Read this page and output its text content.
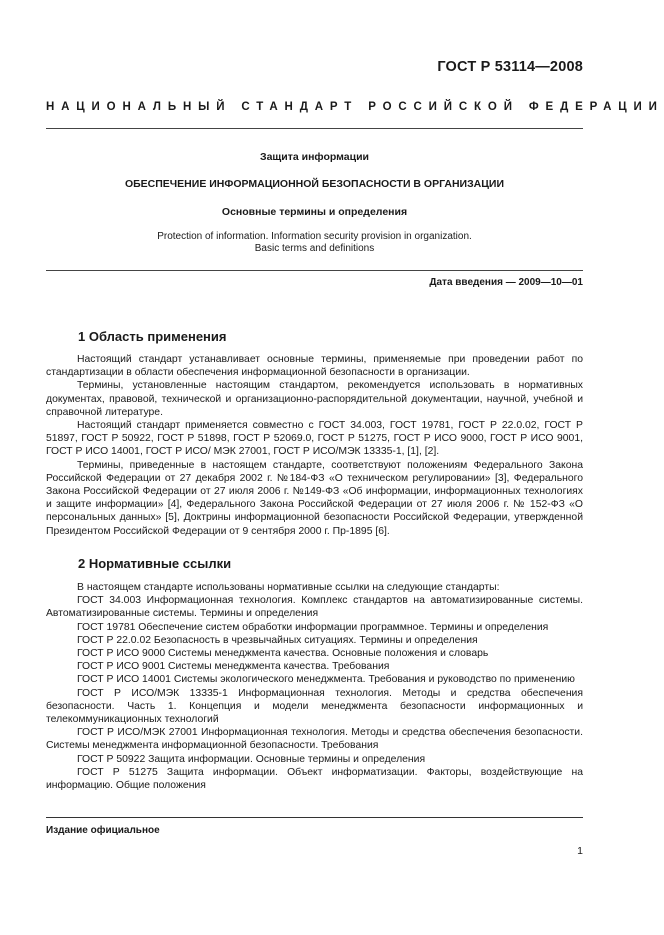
ГОСТ Р 53114—2008
НАЦИОНАЛЬНЫЙ СТАНДАРТ РОССИЙСКОЙ ФЕДЕРАЦИИ
Защита информации
ОБЕСПЕЧЕНИЕ ИНФОРМАЦИОННОЙ БЕЗОПАСНОСТИ В ОРГАНИЗАЦИИ
Основные термины и определения
Protection of information. Information security provision in organization.
Basic terms and definitions
Дата введения — 2009—10—01
1 Область применения

Настоящий стандарт устанавливает основные термины, применяемые при проведении работ по стандартизации в области обеспечения информационной безопасности в организации.

Термины, установленные настоящим стандартом, рекомендуется использовать в нормативных документах, правовой, технической и организационно-распорядительной документации, научной, учебной и справочной литературе.

Настоящий стандарт применяется совместно с ГОСТ 34.003, ГОСТ 19781, ГОСТ Р 22.0.02, ГОСТ Р 51897, ГОСТ Р 50922, ГОСТ Р 51898, ГОСТ Р 52069.0, ГОСТ Р 51275, ГОСТ Р ИСО 9000, ГОСТ Р ИСО 9001, ГОСТ Р ИСО 14001, ГОСТ Р ИСО/ МЭК 27001, ГОСТ Р ИСО/МЭК 13335-1, [1], [2].

Термины, приведенные в настоящем стандарте, соответствуют положениям Федерального Закона Российской Федерации от 27 декабря 2002 г. №184-ФЗ «О техническом регулировании» [3], Федерального Закона Российской Федерации от 27 июля 2006 г. №149-ФЗ «Об информации, информационных технологиях и защите информации» [4], Федерального Закона Российской Федерации от 27 июля 2006 г. № 152-ФЗ «О персональных данных» [5], Доктрины информационной безопасности Российской Федерации, утвержденной Президентом Российской Федерации от 9 сентября 2000 г. Пр-1895 [6].

2 Нормативные ссылки

В настоящем стандарте использованы нормативные ссылки на следующие стандарты:

ГОСТ 34.003 Информационная технология. Комплекс стандартов на автоматизированные системы. Автоматизированные системы. Термины и определения

ГОСТ 19781 Обеспечение систем обработки информации программное. Термины и определения

ГОСТ Р 22.0.02 Безопасность в чрезвычайных ситуациях. Термины и определения

ГОСТ Р ИСО 9000 Системы менеджмента качества. Основные положения и словарь

ГОСТ Р ИСО 9001 Системы менеджмента качества. Требования

ГОСТ Р ИСО 14001 Системы экологического менеджмента. Требования и руководство по применению

ГОСТ Р ИСО/МЭК 13335-1 Информационная технология. Методы и средства обеспечения безопасности. Часть 1. Концепция и модели менеджмента безопасности информационных и телекоммуникационных технологий

ГОСТ Р ИСО/МЭК 27001 Информационная технология. Методы и средства обеспечения безопасности. Системы менеджмента информационной безопасности. Требования

ГОСТ Р 50922 Защита информации. Основные термины и определения

ГОСТ Р 51275 Защита информации. Объект информатизации. Факторы, воздействующие на информацию. Общие положения

Издание официальное
1
